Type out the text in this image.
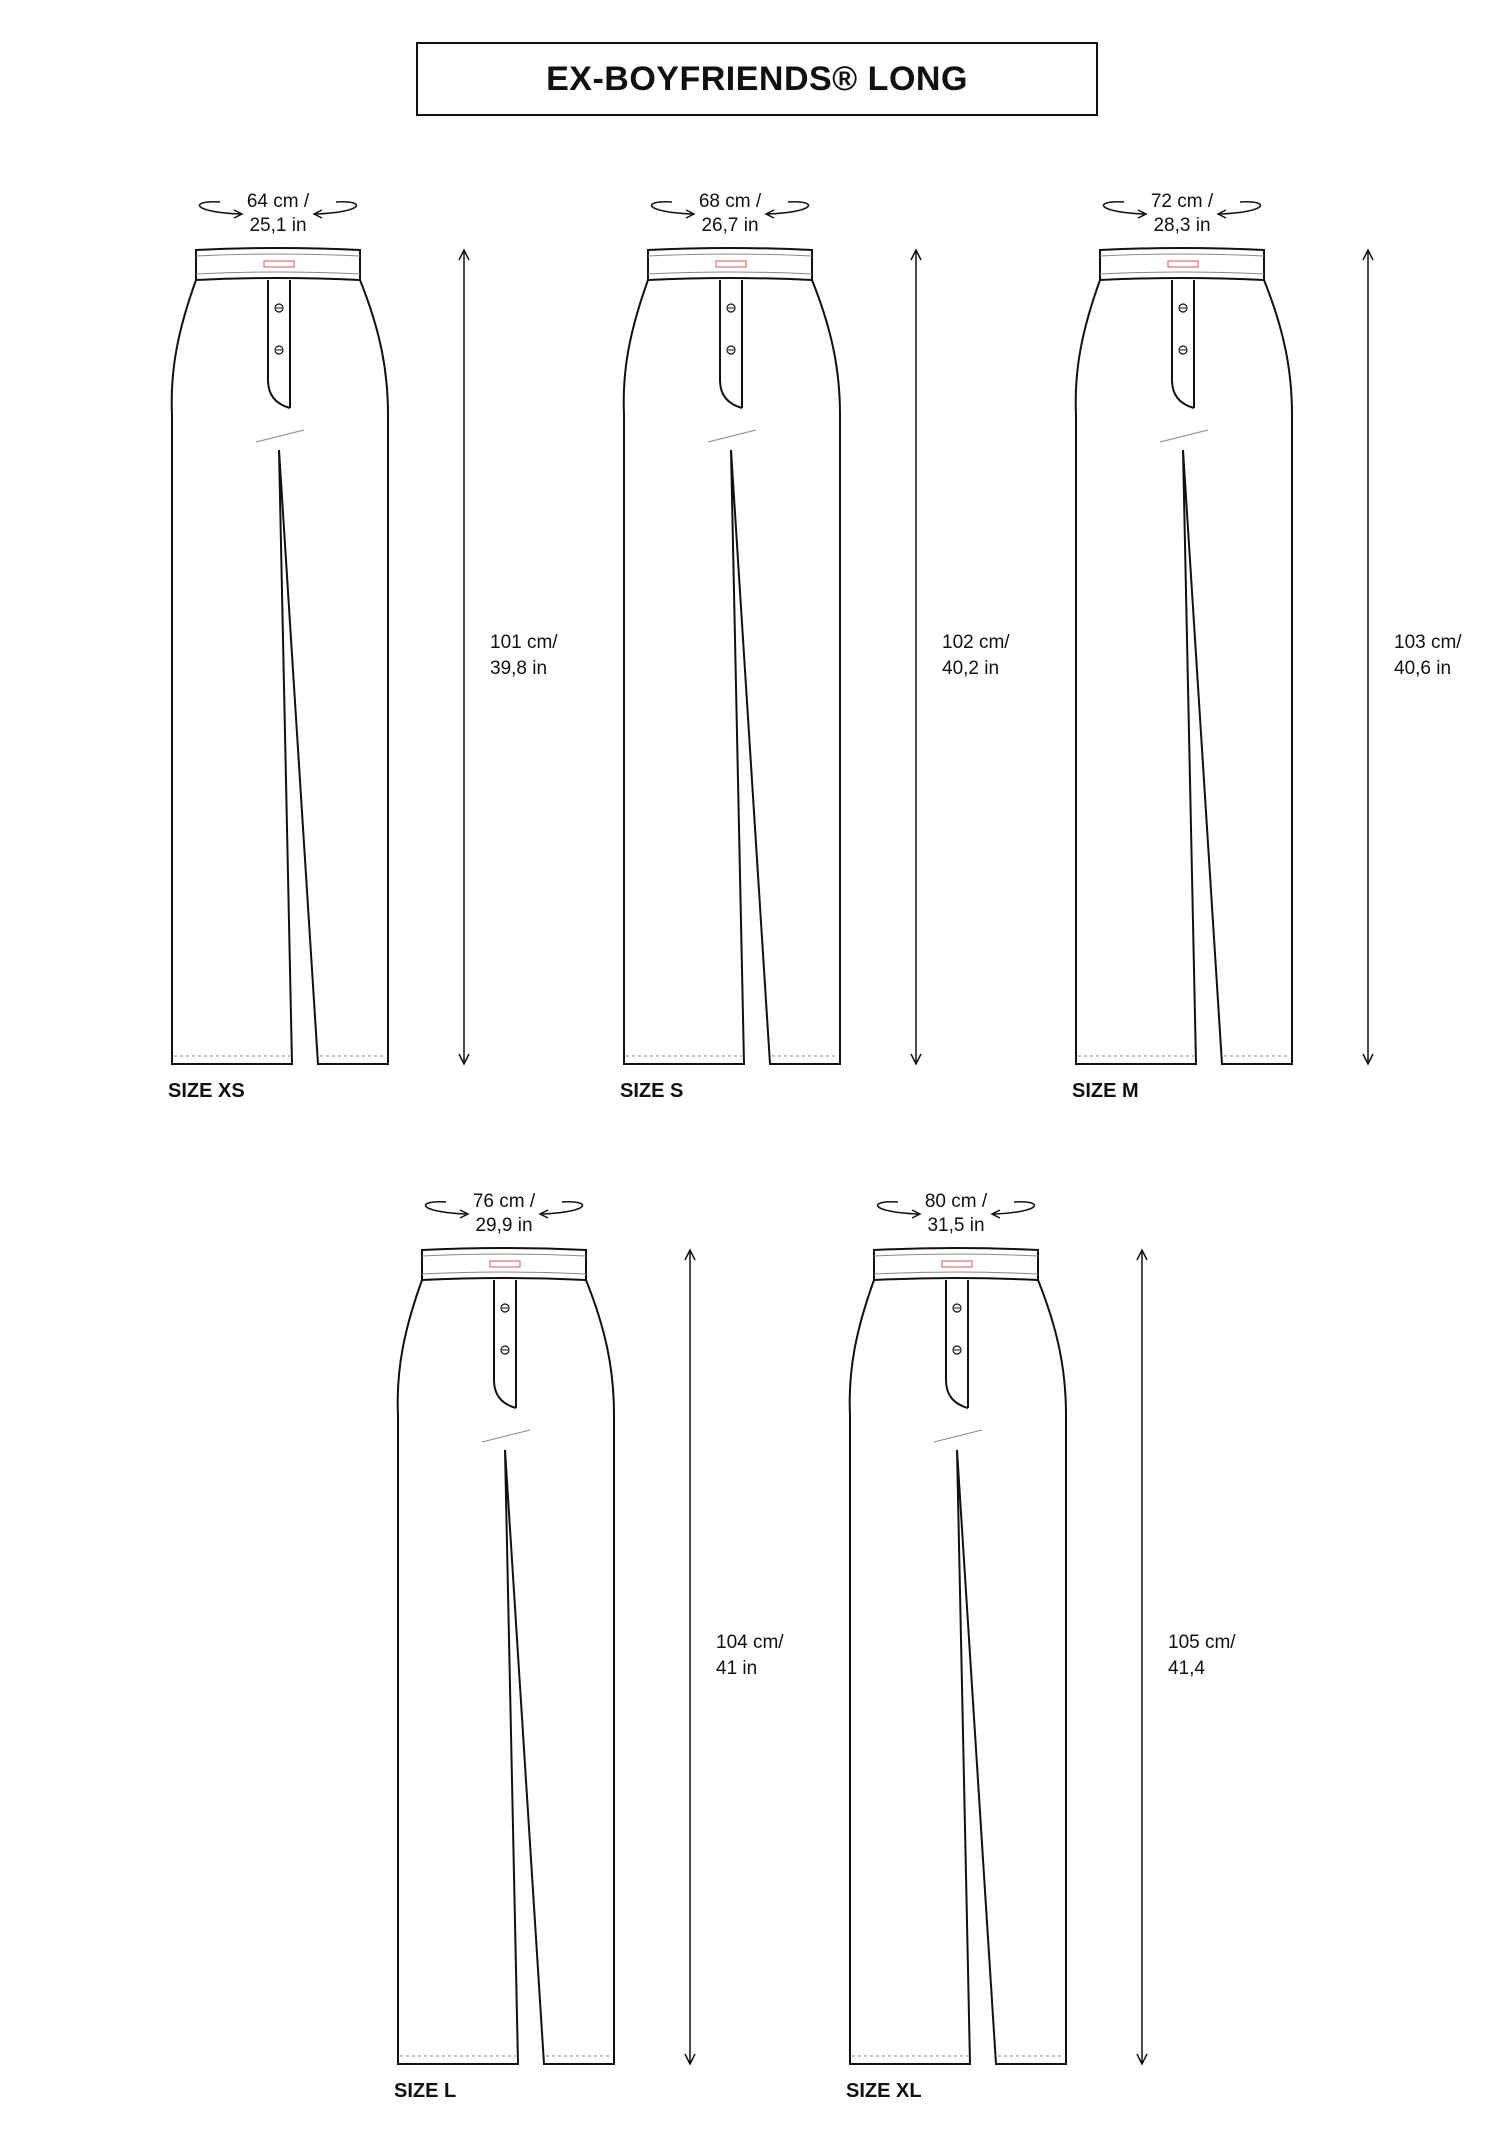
EX-BOYFRIENDS® LONG
64 cm /
25,1 in
101 cm/
39,8 in
SIZE XS
68 cm /
26,7 in
102 cm/
40,2 in
SIZE S
72 cm /
28,3 in
103 cm/
40,6 in
SIZE M
76 cm /
29,9 in
104 cm/
41 in
SIZE L
80 cm /
31,5 in
105 cm/
41,4
SIZE XL
